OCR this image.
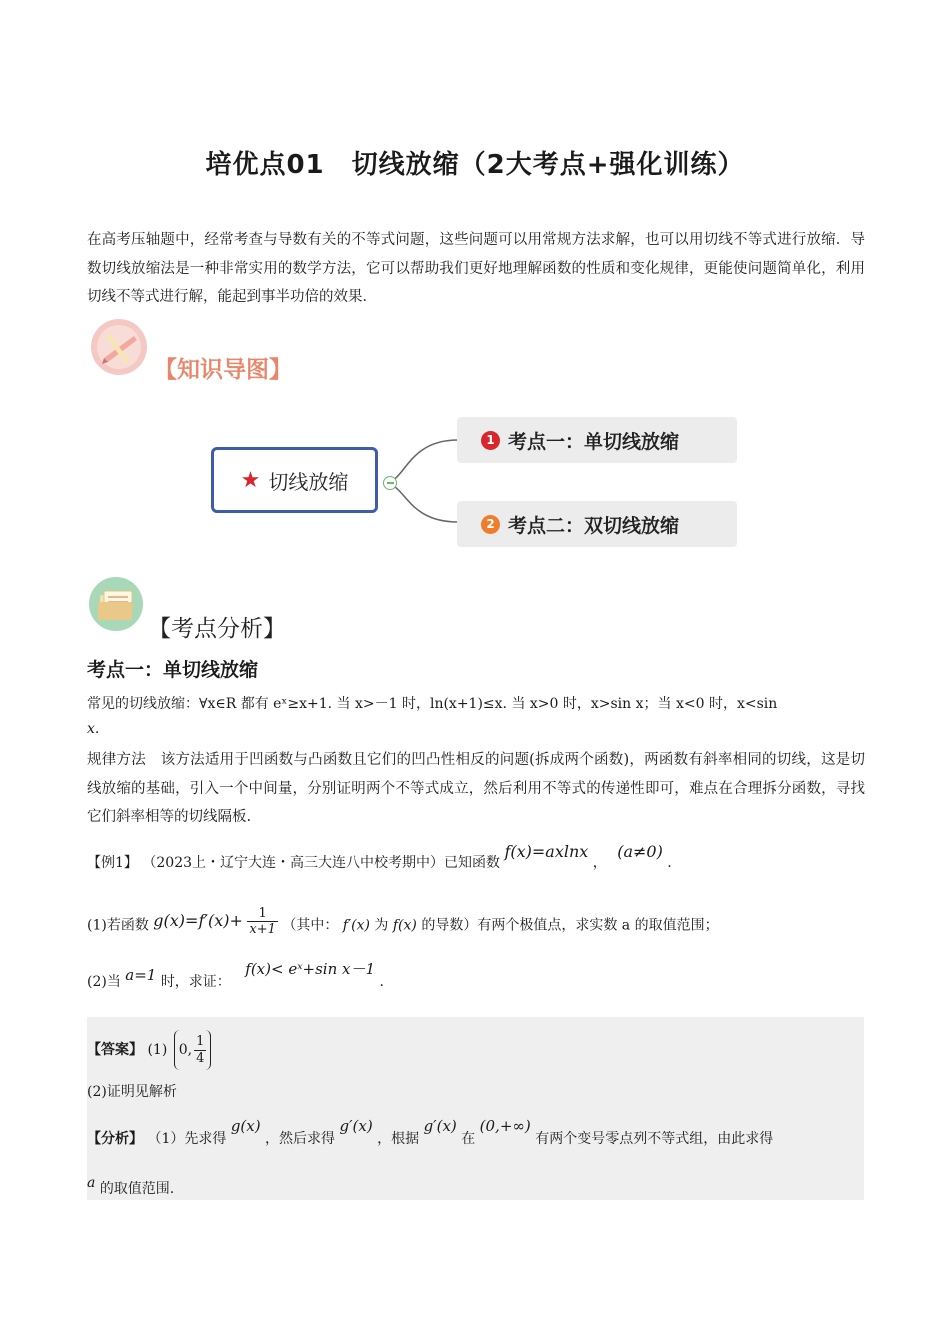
培优点01　切线放缩（2大考点+强化训练）
在高考压轴题中，经常考查与导数有关的不等式问题，这些问题可以用常规方法求解，也可以用切线不等式进行放缩．导数切线放缩法是一种非常实用的数学方法，它可以帮助我们更好地理解函数的性质和变化规律，更能使问题简单化，利用切线不等式进行解，能起到事半功倍的效果．
【知识导图】
★ 切线放缩
1 考点一：单切线放缩
2 考点二：双切线放缩
【考点分析】
考点一：单切线放缩
常见的切线放缩：∀x∈R 都有 eˣ≥x+1. 当 x>－1 时，ln(x+1)≤x. 当 x>0 时，x>sin x；当 x<0 时，x<sin
x.
规律方法　该方法适用于凹函数与凸函数且它们的凹凸性相反的问题(拆成两个函数)，两函数有斜率相同的切线，这是切线放缩的基础，引入一个中间量，分别证明两个不等式成立，然后利用不等式的传递性即可，难点在合理拆分函数，寻找它们斜率相等的切线隔板.
【例1】 （2023上・辽宁大连・高三大连八中校考期中）已知函数 f(x)=axlnx ， (a≠0) .
(1)若函数 $g(x)=f'(x)+ \frac{1}{x+1}$ （其中： f′(x) 为 f(x) 的导数）有两个极值点，求实数 a 的取值范围；
(2)当 a=1 时，求证： f(x)< eˣ+sin x－1 .
【答案】 (1) 0, $\frac{1}{4}$
(2)证明见解析
【分析】 （1）先求得 g(x) ，然后求得 g′(x) ，根据 g′(x) 在 (0,+∞) 有两个变号零点列不等式组，由此求得
a 的取值范围.
